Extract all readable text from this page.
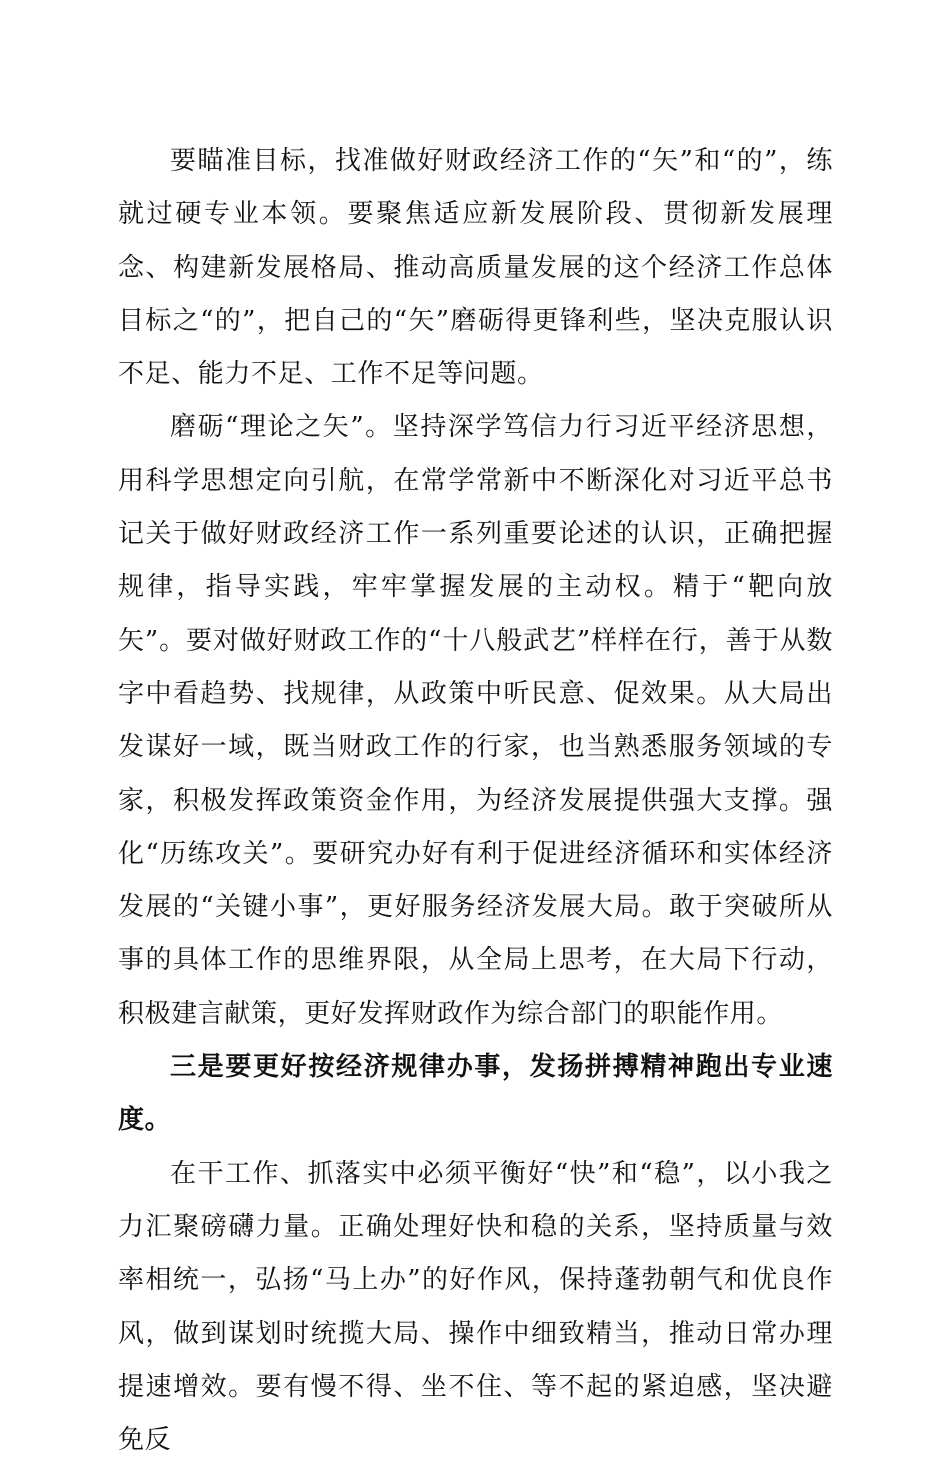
要瞄准目标，找准做好财政经济工作的“矢”和“的”，练就过硬专业本领。要聚焦适应新发展阶段、贯彻新发展理念、构建新发展格局、推动高质量发展的这个经济工作总体目标之“的”，把自己的“矢”磨砺得更锋利些，坚决克服认识不足、能力不足、工作不足等问题。

磨砺“理论之矢”。坚持深学笃信力行习近平经济思想，用科学思想定向引航，在常学常新中不断深化对习近平总书记关于做好财政经济工作一系列重要论述的认识，正确把握规律，指导实践，牢牢掌握发展的主动权。精于“靶向放矢”。要对做好财政工作的“十八般武艺”样样在行，善于从数字中看趋势、找规律，从政策中听民意、促效果。从大局出发谋好一域，既当财政工作的行家，也当熟悉服务领域的专家，积极发挥政策资金作用，为经济发展提供强大支撑。强化“历练攻关”。要研究办好有利于促进经济循环和实体经济发展的“关键小事”，更好服务经济发展大局。敢于突破所从事的具体工作的思维界限，从全局上思考，在大局下行动，积极建言献策，更好发挥财政作为综合部门的职能作用。

三是要更好按经济规律办事，发扬拼搏精神跑出专业速度。

在干工作、抓落实中必须平衡好“快”和“稳”，以小我之力汇聚磅礴力量。正确处理好快和稳的关系，坚持质量与效率相统一，弘扬“马上办”的好作风，保持蓬勃朝气和优良作风，做到谋划时统揽大局、操作中细致精当，推动日常办理提速增效。要有慢不得、坐不住、等不起的紧迫感，坚决避免反
